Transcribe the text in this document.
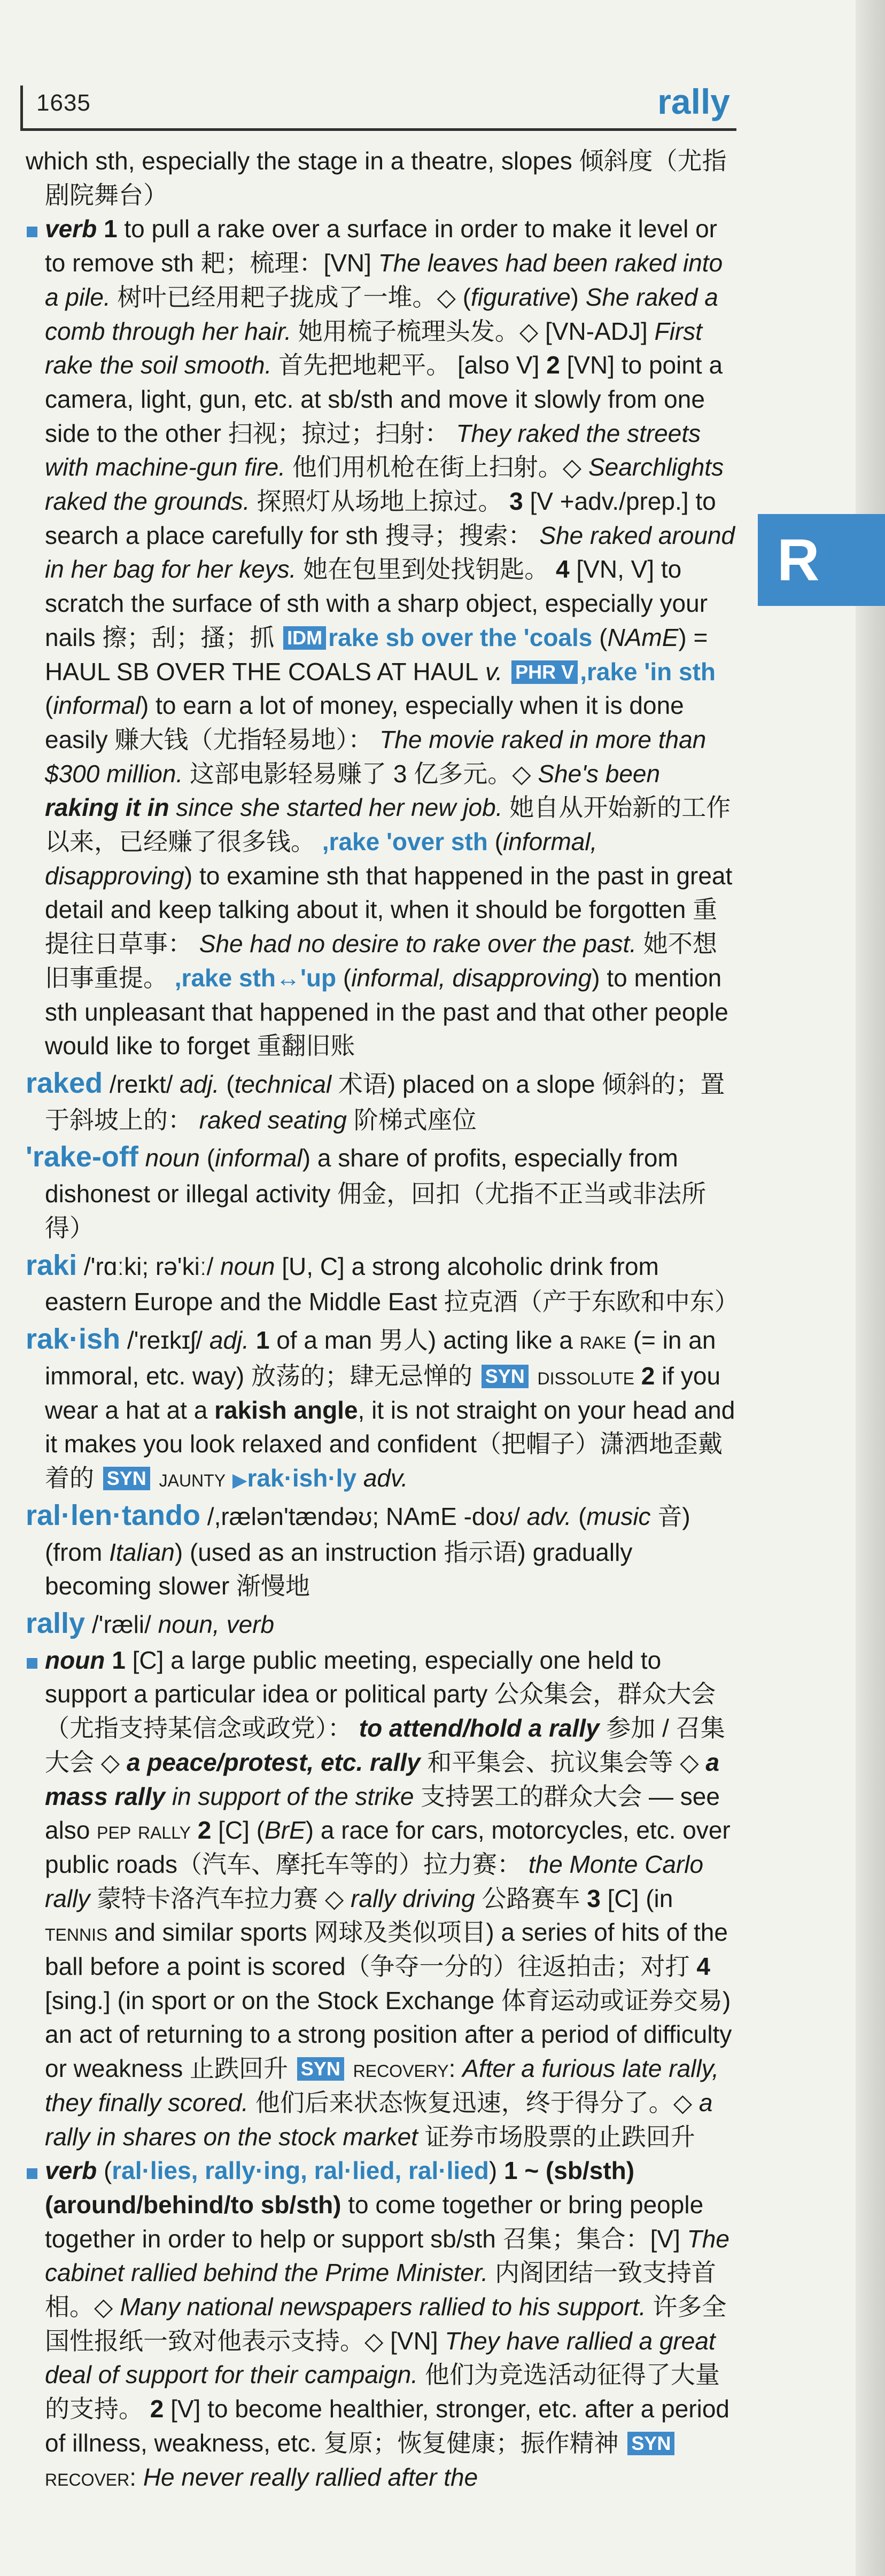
1635	rally
R

which sth, especially the stage in a theatre, slopes 倾斜度（尤指剧院舞台）

verb 1 to pull a rake over a surface in order to make it level or to remove sth 耙；梳理：[VN] The leaves had been raked into a pile. 树叶已经用耙子拢成了一堆。◇ (figurative) She raked a comb through her hair. 她用梳子梳理头发。◇ [VN-ADJ] First rake the soil smooth. 首先把地耙平。 [also V] 2 [VN] to point a camera, light, gun, etc. at sb/sth and move it slowly from one side to the other 扫视；掠过；扫射： They raked the streets with machine-gun fire. 他们用机枪在街上扫射。◇ Searchlights raked the grounds. 探照灯从场地上掠过。 3 [V +adv./prep.] to search a place carefully for sth 搜寻；搜索： She raked around in her bag for her keys. 她在包里到处找钥匙。 4 [VN, V] to scratch the surface of sth with a sharp object, especially your nails 擦；刮；搔；抓 IDM rake sb over the 'coals (NAmE) = HAUL SB OVER THE COALS AT HAUL v. PHR V ,rake 'in sth (informal) to earn a lot of money, especially when it is done easily 赚大钱（尤指轻易地）： The movie raked in more than $300 million. 这部电影轻易赚了 3 亿多元。◇ She's been raking it in since she started her new job. 她自从开始新的工作以来，已经赚了很多钱。 ,rake 'over sth (informal, disapproving) to examine sth that happened in the past in great detail and keep talking about it, when it should be forgotten 重提往日草事： She had no desire to rake over the past. 她不想旧事重提。 ,rake sth↔'up (informal, disapproving) to mention sth unpleasant that happened in the past and that other people would like to forget 重翻旧账

raked /reɪkt/ adj. (technical 术语) placed on a slope 倾斜的；置于斜坡上的： raked seating 阶梯式座位

'rake-off noun (informal) a share of profits, especially from dishonest or illegal activity 佣金，回扣（尤指不正当或非法所得）

raki /'rɑːki; rə'kiː/ noun [U, C] a strong alcoholic drink from eastern Europe and the Middle East 拉克酒（产于东欧和中东）

rak·ish /'reɪkɪʃ/ adj. 1 of a man 男人) acting like a rake (= in an immoral, etc. way) 放荡的；肆无忌惮的 SYN dissolute 2 if you wear a hat at a rakish angle, it is not straight on your head and it makes you look relaxed and confident（把帽子）潇洒地歪戴着的 SYN jaunty ▶rak·ish·ly adv.

ral·len·tando /,rælən'tændəʊ; NAmE -doʊ/ adv. (music 音) (from Italian) (used as an instruction 指示语) gradually becoming slower 渐慢地

rally /'ræli/ noun, verb

noun 1 [C] a large public meeting, especially one held to support a particular idea or political party 公众集会，群众大会（尤指支持某信念或政党）： to attend/hold a rally 参加 / 召集大会 ◇ a peace/protest, etc. rally 和平集会、抗议集会等 ◇ a mass rally in support of the strike 支持罢工的群众大会 — see also pep rally 2 [C] (BrE) a race for cars, motorcycles, etc. over public roads（汽车、摩托车等的）拉力赛： the Monte Carlo rally 蒙特卡洛汽车拉力赛 ◇ rally driving 公路赛车 3 [C] (in tennis and similar sports 网球及类似项目) a series of hits of the ball before a point is scored（争夺一分的）往返拍击；对打 4 [sing.] (in sport or on the Stock Exchange 体育运动或证券交易) an act of returning to a strong position after a period of difficulty or weakness 止跌回升 SYN recovery: After a furious late rally, they finally scored. 他们后来状态恢复迅速，终于得分了。◇ a rally in shares on the stock market 证券市场股票的止跌回升

verb (ral·lies, rally·ing, ral·lied, ral·lied) 1 ~ (sb/sth) (around/behind/to sb/sth) to come together or bring people together in order to help or support sb/sth 召集；集合：[V] The cabinet rallied behind the Prime Minister. 内阁团结一致支持首相。◇ Many national newspapers rallied to his support. 许多全国性报纸一致对他表示支持。◇ [VN] They have rallied a great deal of support for their campaign. 他们为竞选活动征得了大量的支持。 2 [V] to become healthier, stronger, etc. after a period of illness, weakness, etc. 复原；恢复健康；振作精神 SYN recover: He never really rallied after the
